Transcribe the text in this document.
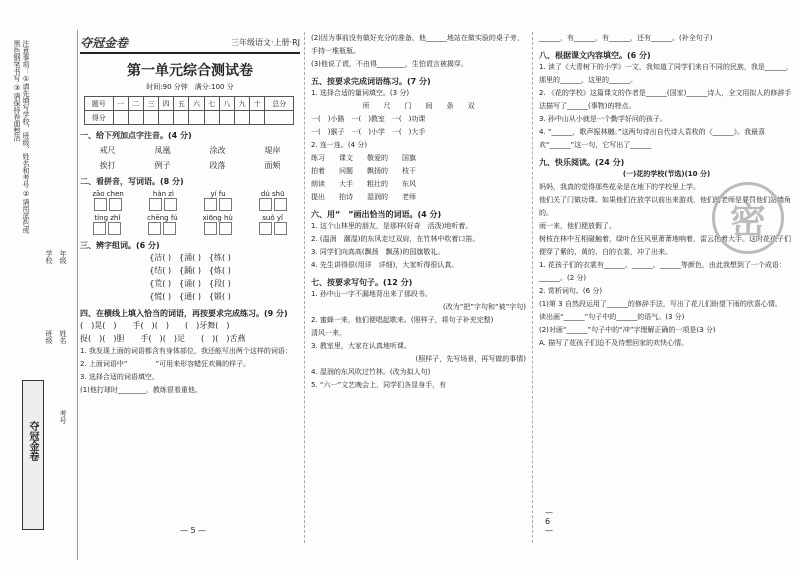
注意事项：①请先填写学校、班级、姓名和考号 ②请用蓝色或黑色钢笔书写 ③请保持卷面整洁
学校
班级
年级
姓名
考号
夺冠金卷
夺冠金卷	三年级语文·上册·RJ
第一单元综合测试卷
时间:90 分钟　满分:100 分
题号	一	二	三	四	五	六	七	八	九	十	总分
得分											
一、给下列加点字注音。(4 分)
戒尺	凤凰	涂改	堤岸
挨打	例子	段落	面颊
二、看拼音，写词语。(8 分)
zāo chen	hàn zì	yí fu	dú shū
tíng zhǐ	chēng fú	xiōng hù	suǒ yǐ
三、辨字组词。(6 分)
{洁( )　{涌( )　{练( )
{结( )　{踊( )　{炼( )
{荒( )　{诵( )　{段( )
{慌( )　{通( )　{锻( )
四、在横线上填入恰当的词语，再按要求完成练习。(9 分)
(　)晃(　)　　手(　)(　)　　(　)牙舞(　)
捉(　)(　)胆　　手(　)(　)足　　(　)(　)舌燕
1. 我发现上面的词语都含有身体部位，我还能写出两个这样的词语：
2. 上面词语中“　　　　”可用来形容蜡狂欢舞的样子。
3. 选择合适的词语填空。
(1)他打球时________，教练很看重他。
— 5 —
(2)因为事前没有做好充分的准备，他______地站在做实验的桌子旁，手持一堆瓶瓶。
(3)他说了谎，不由得________，生怕谎言被揭穿。
五、按要求完成词语练习。(7 分)
1. 选择合适的量词填空。(3 分)
所　　尺　　门　　间　　条　　双
一(　)小路　一(　)教室　一(　)功课
一(　)猴子　一(　)小学　一(　)大手
2. 连一连。(4 分)
练习　　课文　　敬爱的　　国旗
拍着　　问题　　飘扬的　　枝干
朗读　　大手　　粗壮的　　东风
提出　　拍诗　　湿润的　　老师
六、用“　”画出恰当的词语。(4 分)
1. 这个山林里的朋友，是那样(好奇　活泼)地听着。
2. (温润　潮湿)的东风走过双肩，在竹林中吹着口笛。
3. 同学们向高高(飘扬　飘荡)的国旗敬礼。
4. 先生讲得很(用详　详细)，大家听得很认真。
七、按要求写句子。(12 分)
1. 孙中山一字不漏地背出来了那段书。
(改为“把”字句和“被”字句)
2. 蜜蜂一来，他们便唱起歌来。(照样子，将句子补充完整)
清风一来，
3. 教室里，大家在认真地听课。
(照样子，先写场景，再写做的事情)
4. 湿润的东风吹过竹林。(改为拟人句)
5. “六一”文艺晚会上，同学们各显身手，有
— 6 —
______，有______，有______，还有______。(补全句子)
八、根据课文内容填空。(6 分)
1. 读了《大青树下的小学》一文，我知道了同学们来自不同的民族，我是______，那里的______，这里的______。
2. 《花的学校》这篇课文的作者是______(国家)______诗人，全文用拟人的修辞手法描写了______(事物)的特点。
3. 孙中山从小就是一个勤学好问的孩子。
4. “______，歌声振林樾。”这两句诗出自代诗人袁枚的《______》。我最喜欢“______”这一句，它写出了______
九、快乐阅读。(24 分)
(一)花的学校(节选)(10 分)
妈妈，我真的觉得那些花朵是在地下的学校里上学。
他们关了门做功课。如果他们在放学以前出来游戏，他们的老师是要罚他们站墙角的。
雨一来，他们便放假了。
树枝在林中互相碰触着，绿叶在狂风里萧萧地响着，雷云拍着大手。这时花孩子们便穿了紫的、黄的、白的衣裳，冲了出来。
1. 花孩子们的衣裳有______、______、______等颜色，由此我想到了一个成语：______。(2 分)
2. 赏析词句。(6 分)
(1)第 3 自然段运用了______的修辞手法，写出了花儿们盼望下雨的欣喜心情。
读出画“______”句子中的______的语气。(3 分)
(2)对画“______”句子中的“冲”字理解正确的一项是(3 分)
A. 描写了花孩子们迫不及待想回家的欢快心情。
密
